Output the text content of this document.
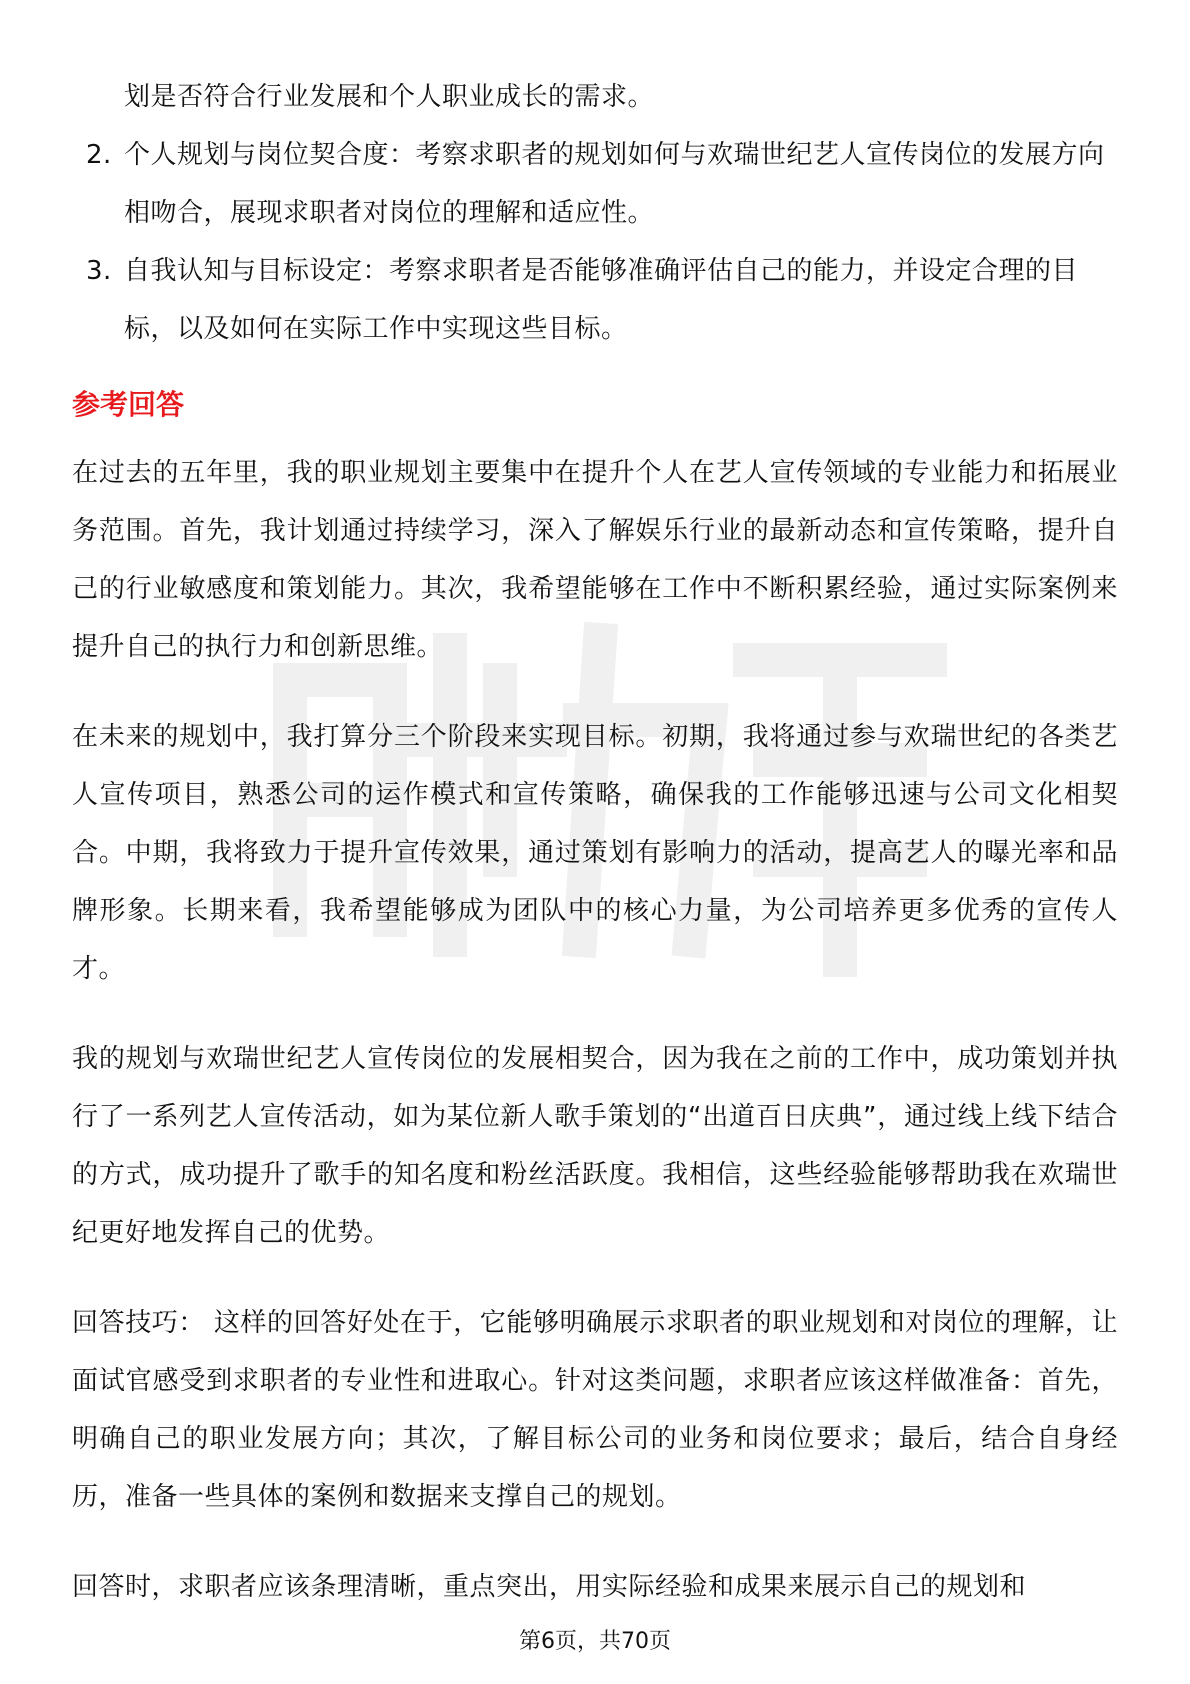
划是否符合行业发展和个人职业成长的需求。

2. 个人规划与岗位契合度：考察求职者的规划如何与欢瑞世纪艺人宣传岗位的发展方向相吻合，展现求职者对岗位的理解和适应性。
3. 自我认知与目标设定：考察求职者是否能够准确评估自己的能力，并设定合理的目标，以及如何在实际工作中实现这些目标。
参考回答

在过去的五年里，我的职业规划主要集中在提升个人在艺人宣传领域的专业能力和拓展业务范围。首先，我计划通过持续学习，深入了解娱乐行业的最新动态和宣传策略，提升自己的行业敏感度和策划能力。其次，我希望能够在工作中不断积累经验，通过实际案例来提升自己的执行力和创新思维。

在未来的规划中，我打算分三个阶段来实现目标。初期，我将通过参与欢瑞世纪的各类艺人宣传项目，熟悉公司的运作模式和宣传策略，确保我的工作能够迅速与公司文化相契合。中期，我将致力于提升宣传效果，通过策划有影响力的活动，提高艺人的曝光率和品牌形象。长期来看，我希望能够成为团队中的核心力量，为公司培养更多优秀的宣传人才。

我的规划与欢瑞世纪艺人宣传岗位的发展相契合，因为我在之前的工作中，成功策划并执行了一系列艺人宣传活动，如为某位新人歌手策划的“出道百日庆典”，通过线上线下结合的方式，成功提升了歌手的知名度和粉丝活跃度。我相信，这些经验能够帮助我在欢瑞世纪更好地发挥自己的优势。

回答技巧： 这样的回答好处在于，它能够明确展示求职者的职业规划和对岗位的理解，让面试官感受到求职者的专业性和进取心。针对这类问题，求职者应该这样做准备：首先，明确自己的职业发展方向；其次，了解目标公司的业务和岗位要求；最后，结合自身经历，准备一些具体的案例和数据来支撑自己的规划。

回答时，求职者应该条理清晰，重点突出，用实际经验和成果来展示自己的规划和

第6页，共70页
